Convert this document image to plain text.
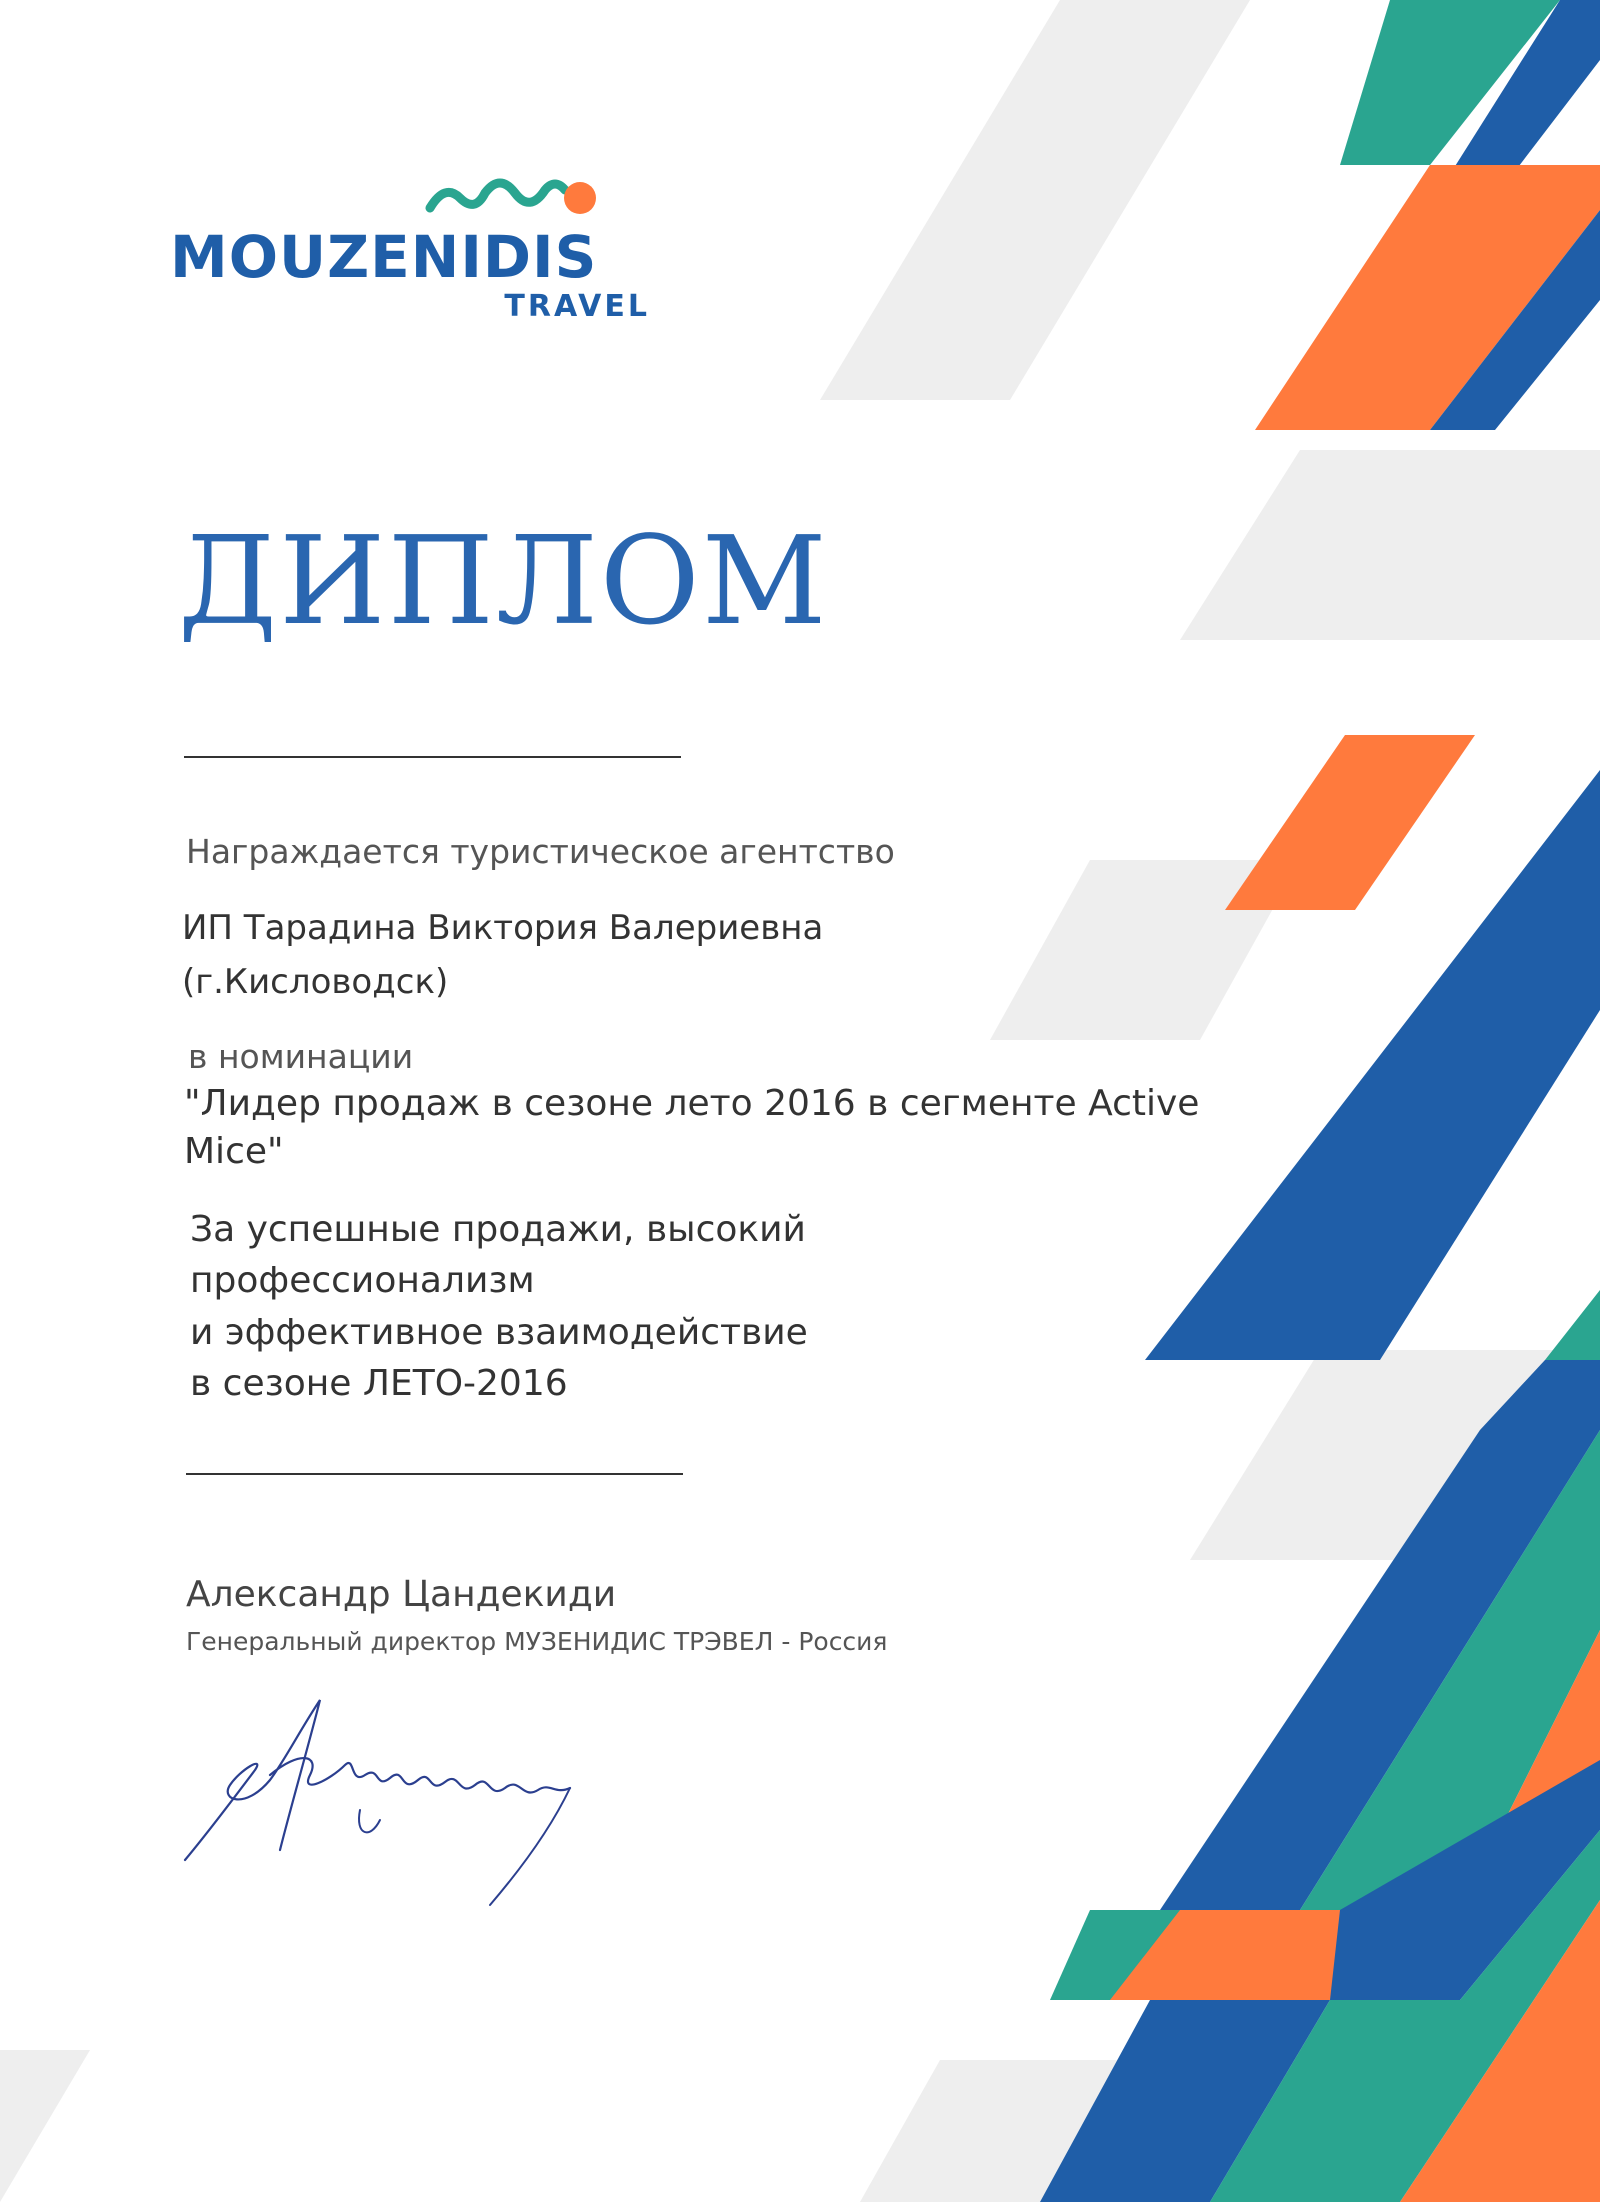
MOUZENIDIS
TRAVEL
ДИПЛОМ
Награждается туристическое агентство
ИП Тарадина Виктория Валериевна
(г.Кисловодск)
в номинации
"Лидер продаж в сезоне лето 2016 в сегменте Active Mice"
За успешные продажи, высокий
профессионализм
и эффективное взаимодействие
в сезоне ЛЕТО-2016
Александр Цандекиди
Генеральный директор МУЗЕНИДИС ТРЭВЕЛ - Россия
